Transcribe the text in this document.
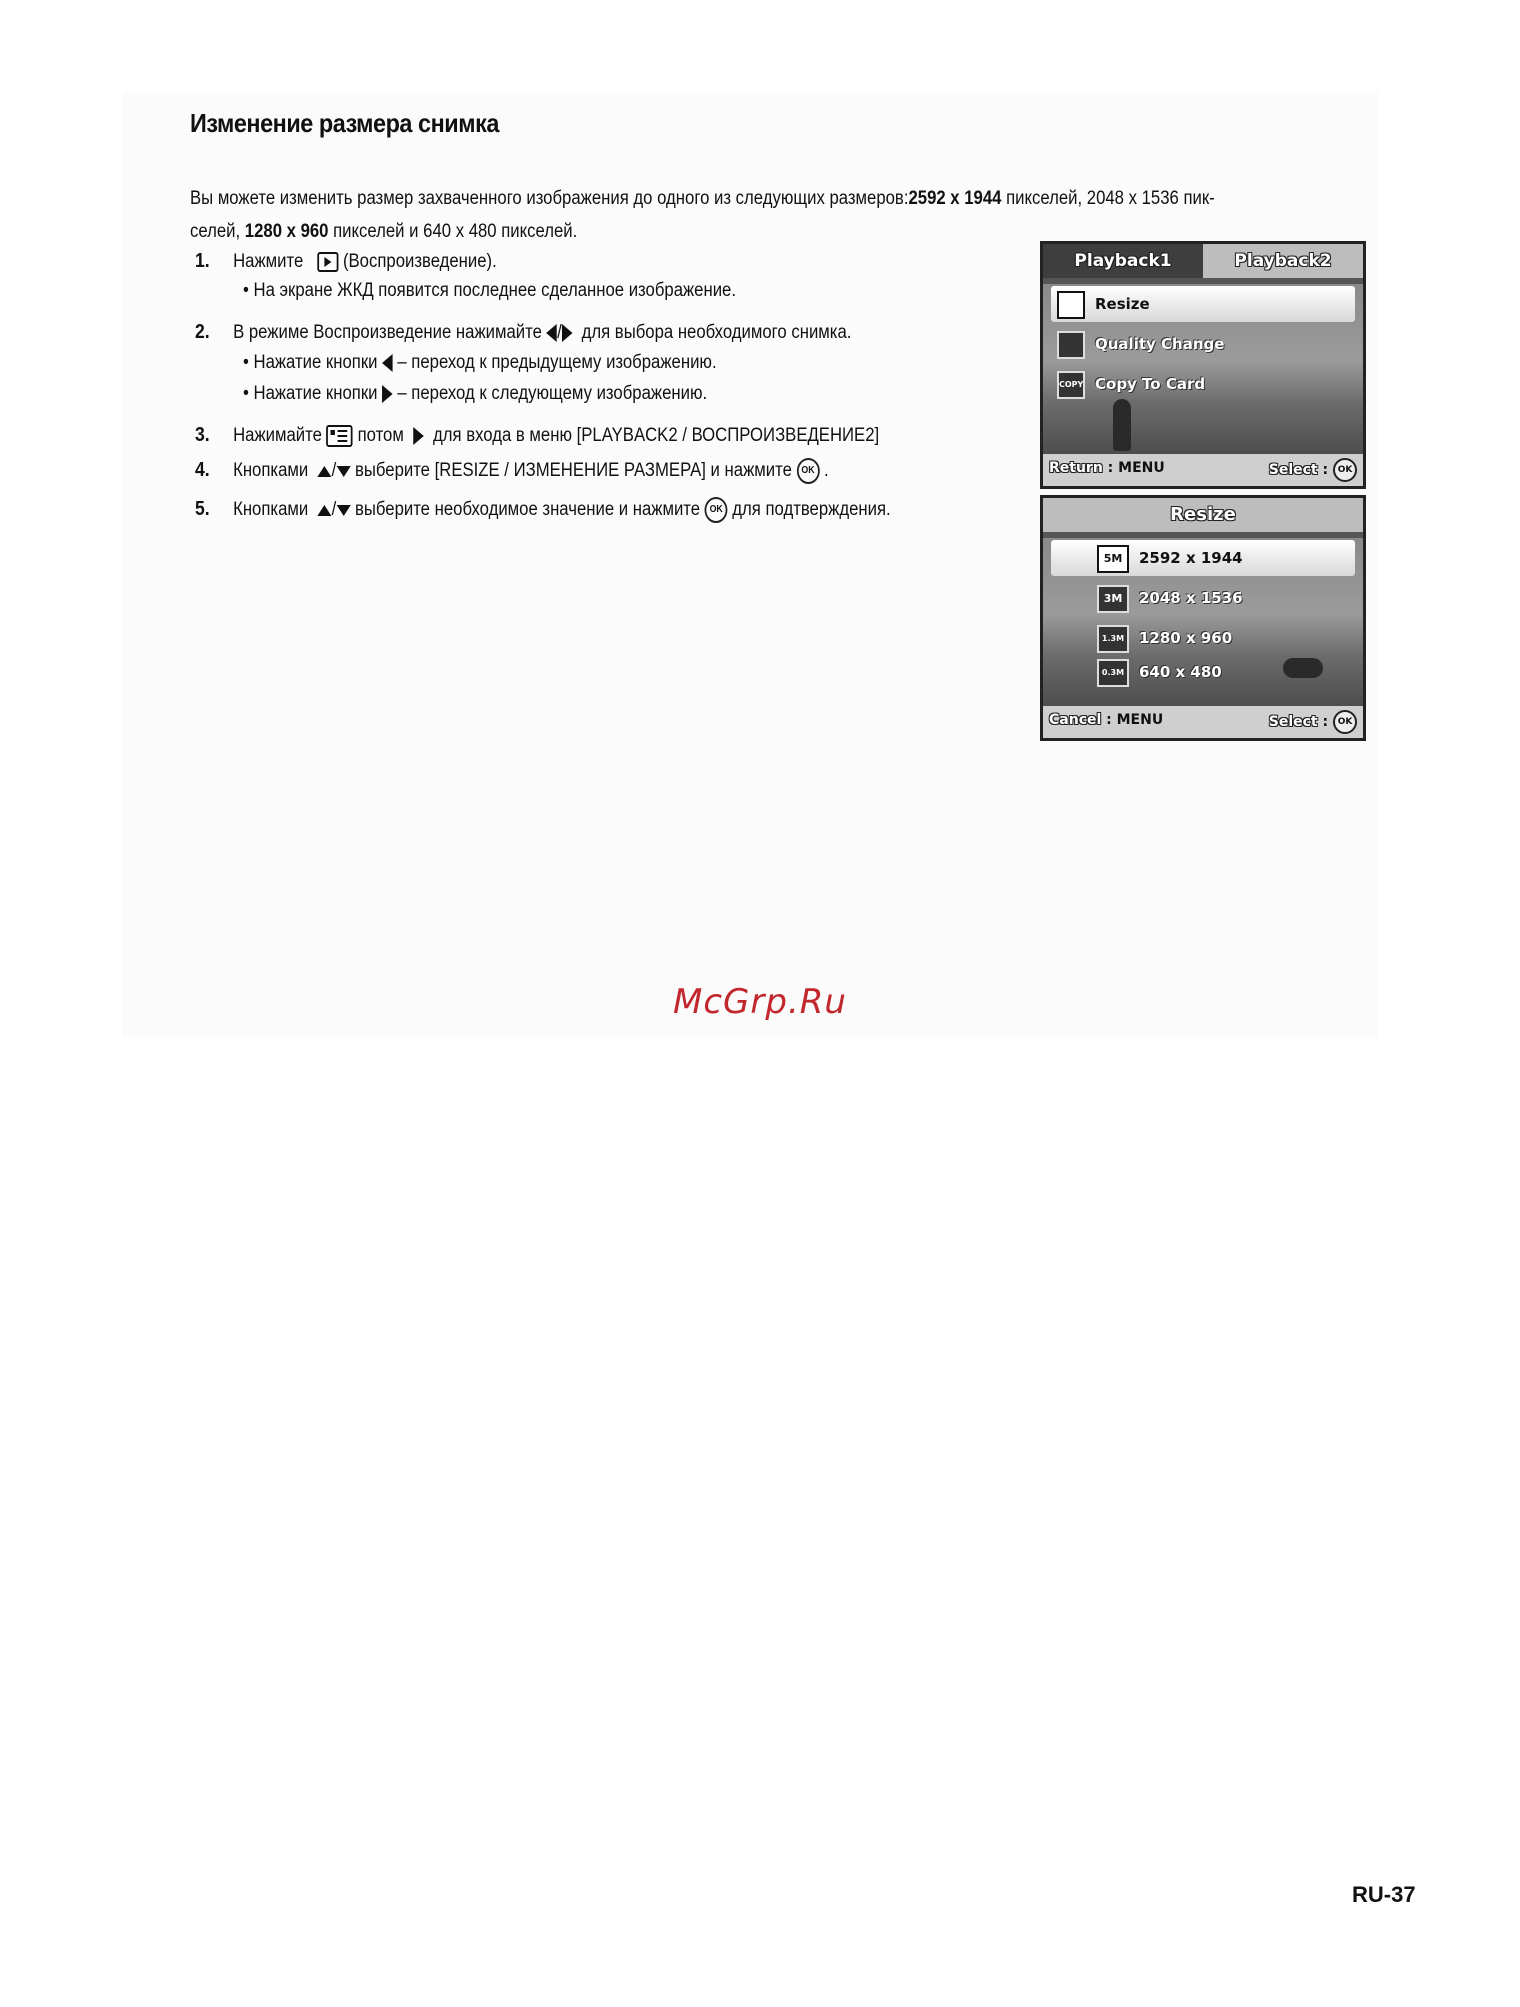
Изменение размера снимка
Вы можете изменить размер захваченного изображения до одного из следующих размеров:2592 x 1944 пикселей, 2048 x 1536 пик-
селей, 1280 x 960 пикселей и 640 x 480 пикселей.
1. Нажмите (Воспроизведение).
• На экране ЖКД появится последнее сделанное изображение.
2. В режиме Воспроизведение нажимайте / для выбора необходимого снимка.
• Нажатие кнопки – переход к предыдущему изображению.
• Нажатие кнопки – переход к следующему изображению.
3. Нажимайте потом для входа в меню [PLAYBACK2 / ВОСПРОИЗВЕДЕНИЕ2]
4. Кнопками / выберите [RESIZE / ИЗМЕНЕНИЕ РАЗМЕРА] и нажмите OK .
5. Кнопками / выберите необходимое значение и нажмите OK для подтверждения.
Playback1	Playback2
Resize
Quality Change
COPY Copy To Card
Return : MENU	Select : OK
Resize
5M 2592 x 1944
3M 2048 x 1536
1.3M 1280 x 960
0.3M 640 x 480
Cancel : MENU	Select : OK
McGrp.Ru
RU-37
